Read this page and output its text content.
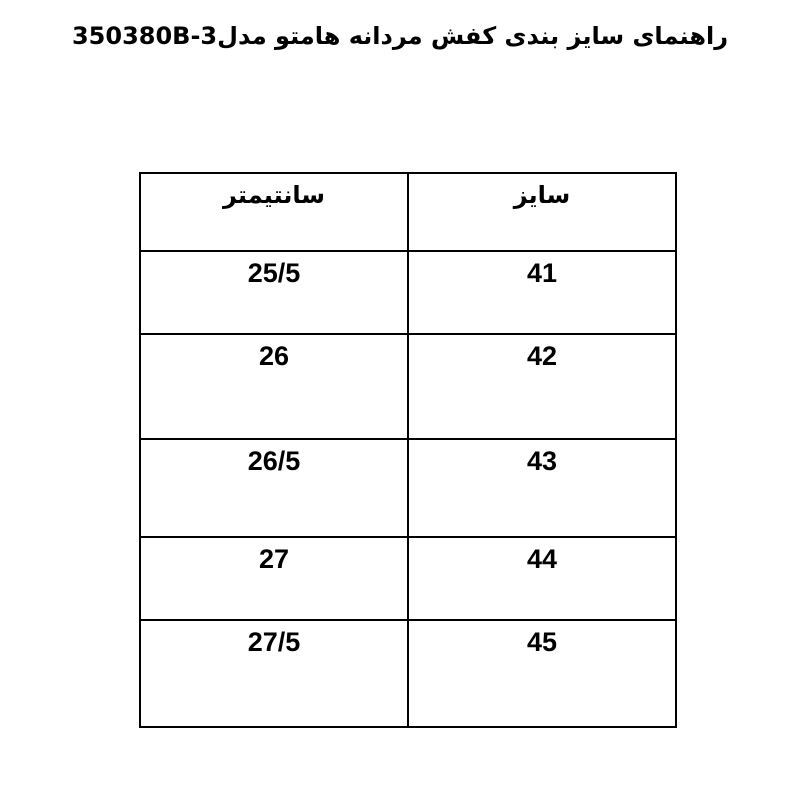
راهنمای سایز بندی کفش مردانه هامتو مدل350380B-3
سایز	سانتیمتر
41	25/5
42	26
43	26/5
44	27
45	27/5
